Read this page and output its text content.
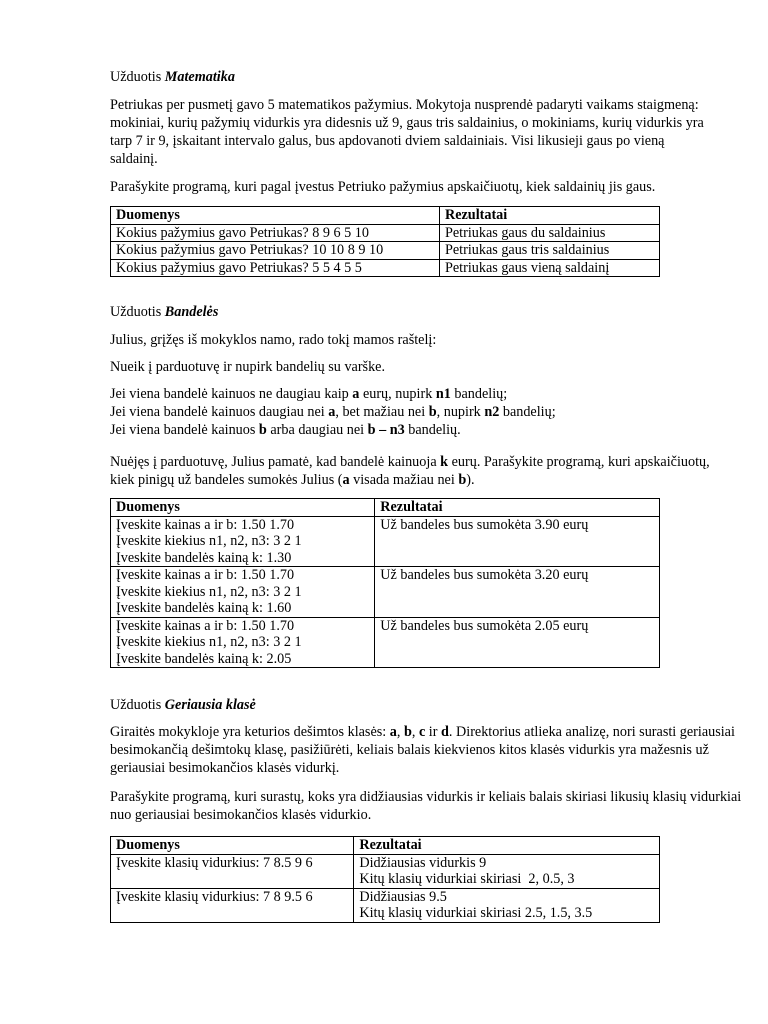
Užduotis Matematika

Petriukas per pusmetį gavo 5 matematikos pažymius. Mokytoja nusprendė padaryti vaikams staigmeną: mokiniai, kurių pažymių vidurkis yra didesnis už 9, gaus tris saldainius, o mokiniams, kurių vidurkis yra tarp 7 ir 9, įskaitant intervalo galus, bus apdovanoti dviem saldainiais. Visi likusieji gaus po vieną saldainį.

Parašykite programą, kuri pagal įvestus Petriuko pažymius apskaičiuotų, kiek saldainių jis gaus.

Duomenys	Rezultatai
Kokius pažymius gavo Petriukas? 8 9 6 5 10	Petriukas gaus du saldainius
Kokius pažymius gavo Petriukas? 10 10 8 9 10	Petriukas gaus tris saldainius
Kokius pažymius gavo Petriukas? 5 5 4 5 5	Petriukas gaus vieną saldainį

Užduotis Bandelės

Julius, grįžęs iš mokyklos namo, rado tokį mamos raštelį:

Nueik į parduotuvę ir nupirk bandelių su varške.

Jei viena bandelė kainuos ne daugiau kaip a eurų, nupirk n1 bandelių;
Jei viena bandelė kainuos daugiau nei a, bet mažiau nei b, nupirk n2 bandelių;
Jei viena bandelė kainuos b arba daugiau nei b – n3 bandelių.

Nuėjęs į parduotuvę, Julius pamatė, kad bandelė kainuoja k eurų. Parašykite programą, kuri apskaičiuotų, kiek pinigų už bandeles sumokės Julius (a visada mažiau nei b).

Duomenys	Rezultatai

Įveskite kainas a ir b: 1.50 1.70
Įveskite kiekius n1, n2, n3: 3 2 1
Įveskite bandelės kainą k: 1.30	Už bandeles bus sumokėta 3.90 eurų

Įveskite kainas a ir b: 1.50 1.70
Įveskite kiekius n1, n2, n3: 3 2 1
Įveskite bandelės kainą k: 1.60	Už bandeles bus sumokėta 3.20 eurų

Įveskite kainas a ir b: 1.50 1.70
Įveskite kiekius n1, n2, n3: 3 2 1
Įveskite bandelės kainą k: 2.05	Už bandeles bus sumokėta 2.05 eurų

Užduotis Geriausia klasė

Giraitės mokykloje yra keturios dešimtos klasės: a, b, c ir d. Direktorius atlieka analizę, nori surasti geriausiai besimokančią dešimtokų klasę, pasižiūrėti, keliais balais kiekvienos kitos klasės vidurkis yra mažesnis už geriausiai besimokančios klasės vidurkį.

Parašykite programą, kuri surastų, koks yra didžiausias vidurkis ir keliais balais skiriasi likusių klasių vidurkiai nuo geriausiai besimokančios klasės vidurkio.

Duomenys	Rezultatai
Įveskite klasių vidurkius: 7 8.5 9 6	Didžiausias vidurkis 9
Kitų klasių vidurkiai skiriasi  2, 0.5, 3

Įveskite klasių vidurkius: 7 8 9.5 6	Didžiausias 9.5
Kitų klasių vidurkiai skiriasi 2.5, 1.5, 3.5
